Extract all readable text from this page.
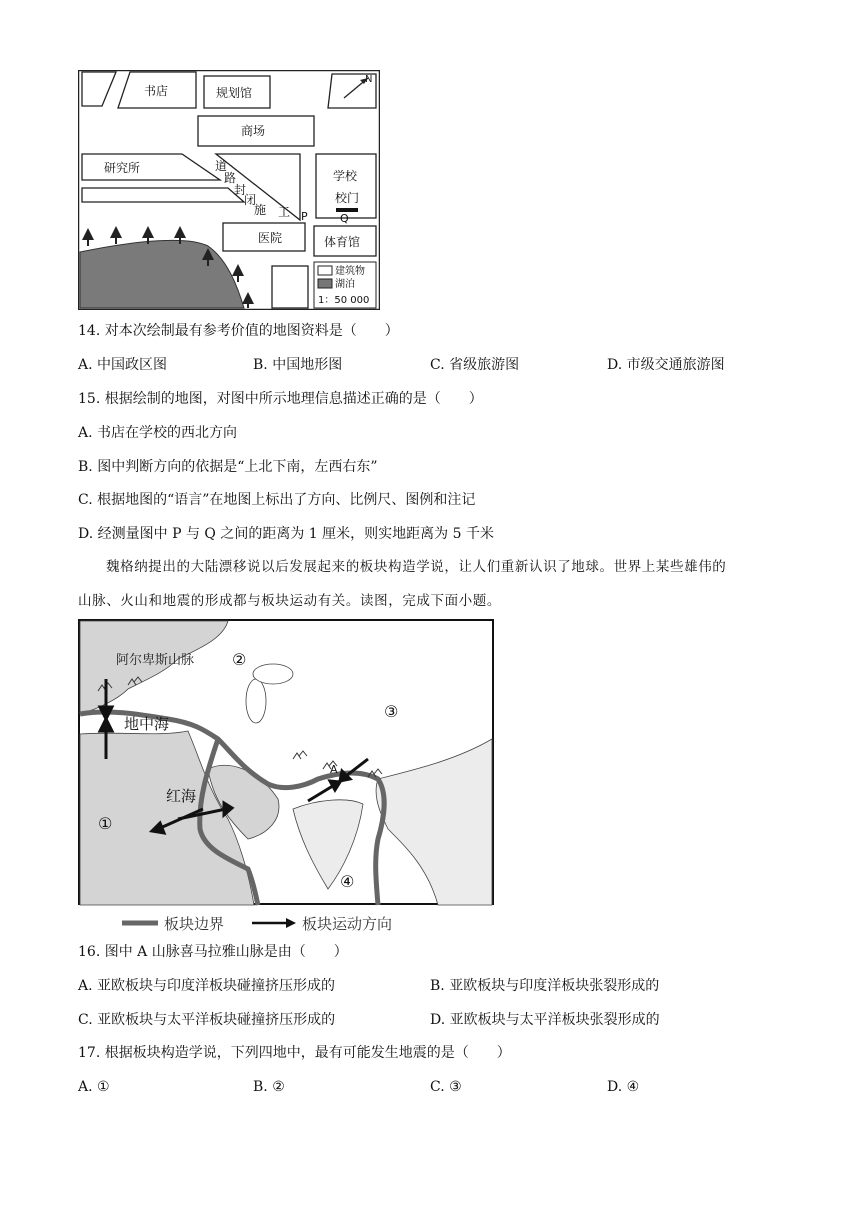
N
书店	规划馆
商场
研究所
学校
校门
医院	体育馆
道
路
封
闭
施 工 P	Q
建筑物
湖泊
1：50 000
14. 对本次绘制最有参考价值的地图资料是（　　）
A. 中国政区图	B. 中国地形图	C. 省级旅游图	D. 市级交通旅游图
15. 根据绘制的地图，对图中所示地理信息描述正确的是（　　）
A. 书店在学校的西北方向
B. 图中判断方向的依据是“上北下南，左西右东”
C. 根据地图的“语言”在地图上标出了方向、比例尺、图例和注记
D. 经测量图中 P 与 Q 之间的距离为 1 厘米，则实地距离为 5 千米
魏格纳提出的大陆漂移说以后发展起来的板块构造学说，让人们重新认识了地球。世界上某些雄伟的
山脉、火山和地震的形成都与板块运动有关。读图，完成下面小题。
阿尔卑斯山脉
地中海
红海
A
①
②
③
④
板块边界	板块运动方向
16. 图中 A 山脉喜马拉雅山脉是由（　　）
A. 亚欧板块与印度洋板块碰撞挤压形成的	B. 亚欧板块与印度洋板块张裂形成的
C. 亚欧板块与太平洋板块碰撞挤压形成的	D. 亚欧板块与太平洋板块张裂形成的
17. 根据板块构造学说，下列四地中，最有可能发生地震的是（　　）
A. ①	B. ②	C. ③	D. ④
